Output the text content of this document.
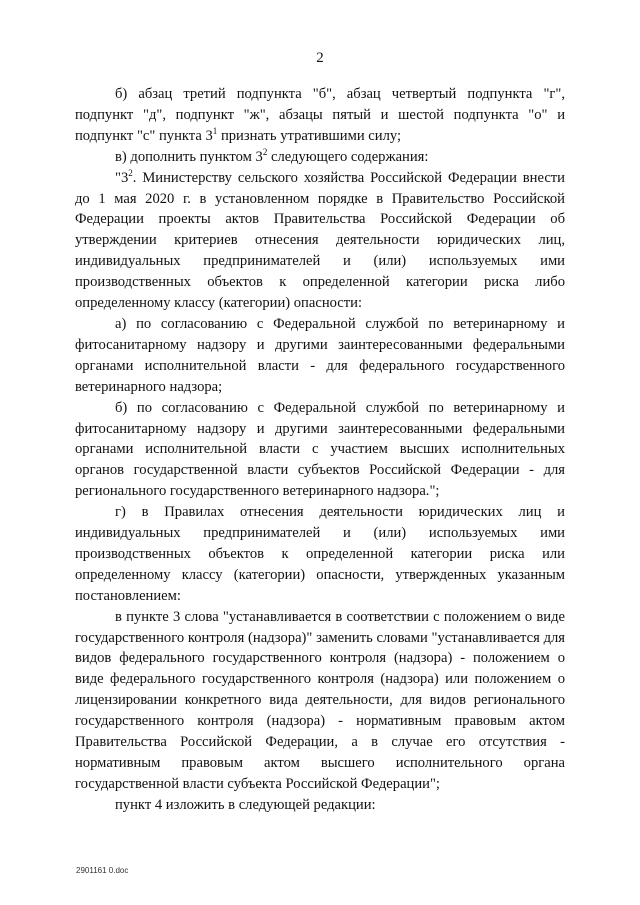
2

б) абзац третий подпункта "б", абзац четвертый подпункта "г", подпункт "д", подпункт "ж", абзацы пятый и шестой подпункта "о" и подпункт "с" пункта $3^1$ признать утратившими силу;

в) дополнить пунктом $3^2$ следующего содержания:

"$3^2$. Министерству сельского хозяйства Российской Федерации внести до 1 мая 2020 г. в установленном порядке в Правительство Российской Федерации проекты актов Правительства Российской Федерации об утверждении критериев отнесения деятельности юридических лиц, индивидуальных предпринимателей и (или) используемых ими производственных объектов к определенной категории риска либо определенному классу (категории) опасности:

а) по согласованию с Федеральной службой по ветеринарному и фитосанитарному надзору и другими заинтересованными федеральными органами исполнительной власти - для федерального государственного ветеринарного надзора;

б) по согласованию с Федеральной службой по ветеринарному и фитосанитарному надзору и другими заинтересованными федеральными органами исполнительной власти с участием высших исполнительных органов государственной власти субъектов Российской Федерации - для регионального государственного ветеринарного надзора.";

г) в Правилах отнесения деятельности юридических лиц и индивидуальных предпринимателей и (или) используемых ими производственных объектов к определенной категории риска или определенному классу (категории) опасности, утвержденных указанным постановлением:

в пункте 3 слова "устанавливается в соответствии с положением о виде государственного контроля (надзора)" заменить словами "устанавливается для видов федерального государственного контроля (надзора) - положением о виде федерального государственного контроля (надзора) или положением о лицензировании конкретного вида деятельности, для видов регионального государственного контроля (надзора) - нормативным правовым актом Правительства Российской Федерации, а в случае его отсутствия - нормативным правовым актом высшего исполнительного органа государственной власти субъекта Российской Федерации";

пункт 4 изложить в следующей редакции:

2901161 0.doc
